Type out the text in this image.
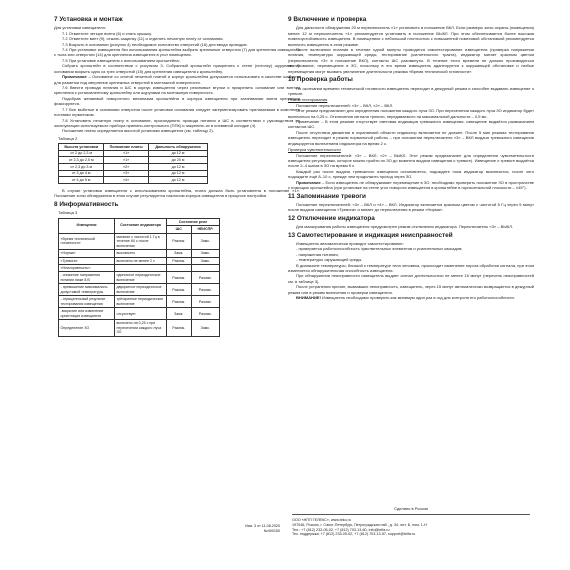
7 Установка и монтаж

Для установки извещателя:

7.1 Отвинтите четыре винта (6) и снять крышку.

7.2 Отвинтите винт (9), отжать защелку (11) и отделить печатную плату от основания.

7.3 Вскрыть в основании (рисунок 4) необходимое количество отверстий (16) для ввода проводов.

7.4 При установке извещателя без использования кронштейна выбрать крепежные отверстия (7) для крепления извещателя с тыла или отверстия (14) для крепления извещателя в угол помещения.

7.5 При установке извещателя с использованием кронштейна:

Собрать кронштейн в соответствии с рисунком 3. Собранный кронштейн прикрепить к стене (потолку) шурупами. В основании вскрыть одно из трех отверстий (15) для крепления извещателя к кронштейну.

Примечание – Основание со снятой печатной платой и корпус кронштейна допускается использовать в качестве шаблона для разметки под сверление крепежных отверстий в монтажной поверхности.

7.6 Ввести провода питания и ШС в корпус извещателя через резиновые втулки и прикрепить основание или винтом крепления к установленному кронштейну или шурупами на монтажную поверхность.

Подобрав желаемый поворотного механизма кронштейна и корпуса извещателя при затягивании винта крепления фиксируются.

7.7 Все выбитые в основании отверстия после установки основания следует загерметизировать прилагаемым в комплекте поставки герметиком.

7.8 Установить печатную плату в основание, присоединить провода питания и ШС в соответствии с руководством по эксплуатации используемого прибора приемно-контрольного (ППК) и закрепить их в клеммной колодке (4).

Положение платы определяется высотой установки извещателя (см. таблицу 2).

Таблица 2

Высота установки	Положение платы	Дальность обнаружения
от 2 до 2,3 м	«1»	до 12 м
от 2,3 до 2,5 м	«1»	до 20 м
от 2,3 до 3 м	«2»	до 12 м
от 3 до 4 м	«3»	до 12 м
от 4 до 5 м	«4»	до 12 м

В случае установки извещателя с использованием кронштейна, плата должна быть установлена в положение «1». Положение зоны обнаружения в этом случае регулируется наклоном корпуса извещателя в процессе настройки.

8 Информативность

Таблица 3

Извещения	Состояние индикатора	Состояние реле	
		ШС	НЕИСПР.
«Время технической готовности»	мигание с частотой 1 Гц в течение 60 с после включения	Разомк.	Замк.
«Норма»	выключено	Замк.	Замк.
«Тревога»	включено не менее 2 с	Разомк.	Замк.
«Неисправность»:			
- снижение напряжения питания ниже 8 В	одиночное периодическое включение	Разомк.	Разомк.
- превышение максимально-допустимой температуры	двукратное периодическое включение	Разомк.	Разомк.
- отрицательный результат тестирования извещения	трёхкратное периодическое включение	Разомк.	Разомк.
-вскрытие или изменение ориентации извещателя	отсутствует	Замк.	Разомк.
Определение ЗО	включено на 0,25 с при пересечении каждого луча ЗО	Разомк.	Замк.
9 Включение и проверка

Для дальности обнаружения 20 м переключатель «1» установить в положение ВКЛ. Если размеры зоны охраны (помещения) менее 12 м переключатель «1» рекомендуется установить в положение ВЫКЛ. При этом обеспечивается более высокая помехоустойчивость извещателя. В помещениях с небольшой плотностью с повышенной помеховой обстановкой рекомендуется включить извещатель в этом режиме.

После включения питания в течение одной минуты проводится самотестирование извещателя (проверка напряжения питания, температуры окружающей среды, тестирование усилительного тракта), индикатор мигает красным цветом (переключатель «3» в положение ВКЛ), контакты ШС разомкнуты. В течение этого времени не должно производиться тестирование, перемещение в ЗО, поскольку в это время извещатель адаптируется к окружающей обстановке и любые перемещения могут вызвать увеличение длительности режима «Время технической готовности».

10 Проверка работы

По окончании времени технической готовности извещатель переходит в дежурный режим и способен выдавать извещение о тревоге.

Режим тестирования

Положение переключателей: «3» – ВКЛ, «2» – ВКЛ.

Этот режим предназначен для определения положения каждого луча ЗО. При пересечении каждого луча ЗО индикатор будет включаться на 0,25 с. Отключения сигнала тревоги, передаваемого на максимальной дальности – 0,5 мс.

Примечание – В этом режиме отсутствует световая индикация тревожного извещения, извещение выдаётся размыканием контактов ШС.

После отсутствия движения в охраняемой области индикатор включается не должен. После 5 мин режима тестирования извещатель переходит в режим нормальной работы – при положении переключателя «3» – ВКЛ выдача тревожного извещения индицируется включением индикатора на время 2 с.

Проверка чувствительности

Положение переключателей: «3» – ВКЛ, «2» – ВЫКЛ. Этот режим предназначен для определения чувствительности извещателя регулировки, которое можно пройти по ЗО до момента выдачи извещения о тревоге). Извещение о тревоге выдаётся после 2–4 шагов в ЗО на время 5 с.

Каждый раз после выдачи тревожного извещения остановитесь, подождите пока индикатор выключится, после чего подождите ещё 8–10 с, прежде чем продолжить проход через ЗО.

Примечание – Если извещатель не обнаруживает перемещение в ЗО, необходимо проверить положение ЗО в пространстве с помощью кронштейна (при установке на стене угол поворота извещателя в кронштейне в горизонтальной плоскости – ±45°).

11 Запоминание тревоги

Положение переключателей: «3» – ВКЛ и «4» – ВКЛ. Индикатор включается красным цветом с частотой 5 Гц через 5 минут после выдачи извещения «Тревога» и мигает до переключения в режим «Норма».

12 Отключение индикатора

Для маскирования работы извещателя предусмотрен режим отключения индикатора. Переключатель «3» – ВЫКЛ.

13 Самотестирование и индикация неисправностей

Извещатель автоматически проводит самотестирование:

- проверяется работоспособность чувствительных элементов и усилительных каскадов;

- напряжения питания;

- температуры окружающей среды.

В диапазоне температуры, близкой к температуре тела человека, происходит изменение порога обработки сигнала, при этом изменяется обнаружительная способность извещателя.

При обнаружении неисправности извещатель выдает сигнал длительностью не менее 15 минут (перечень неисправностей см. в таблице 3).

После устранения причин, вызвавших неисправность, извещатель, через 15 минут автоматически возвращается в дежурный режим или в режим включения и проверки извещателя.

ВНИМАНИЕ! Извещатель необходимо проверять как минимум один раз в год для контроля его работоспособности.

Изм. 3 от 11.08.2020
№400150
Сделано в России
ООО «НПП ГЕЛЕКС», www.teko.ru
197046, Россия, г. Санкт-Петербург, Петроградская наб., д. 34, лит. Б, пом. 1-Н
Тел.: +7 (812) 233-05-02, +7 (812) 703-13-60, info@telfa.ru
Тех. поддержка: +7 (812) 233-05-02, +7 (812) 703-13-57, support@telfa.ru
